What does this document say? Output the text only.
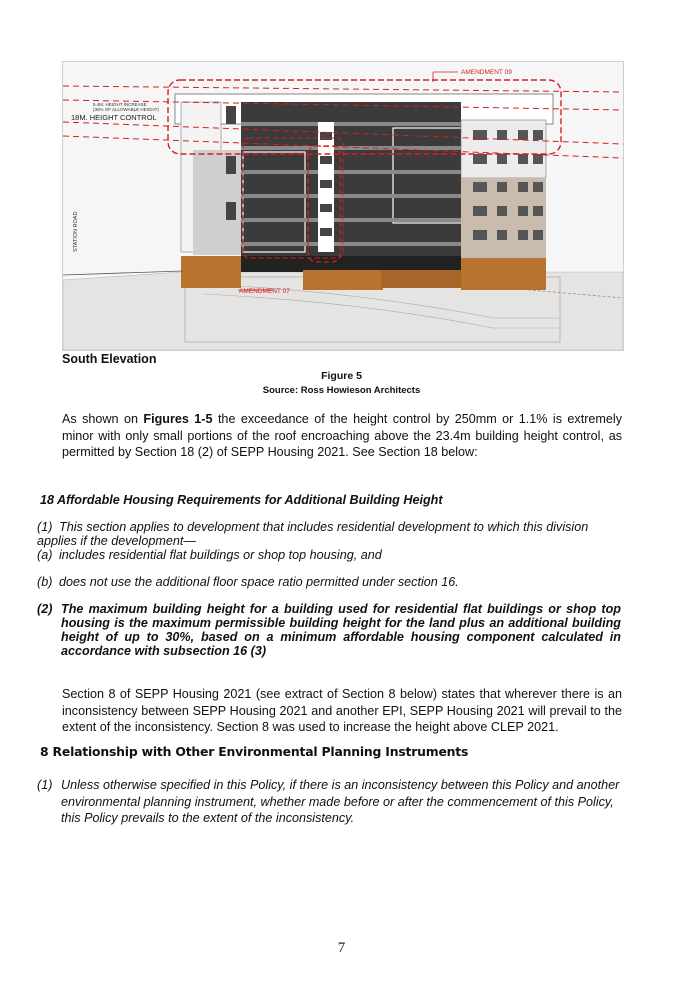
AMENDMENT 09
AMENDMENT 07
5.4M. HEIGHT INCREASE
(30% OF ALLOWABLE HEIGHT)
18M. HEIGHT CONTROL
STATION ROAD
South Elevation
Figure 5
Source: Ross Howieson Architects
As shown on Figures 1-5 the exceedance of the height control by 250mm or 1.1% is extremely minor with only small portions of the roof encroaching above the 23.4m building height control, as permitted by Section 18 (2) of SEPP Housing 2021. See Section 18 below:
18 Affordable Housing Requirements for Additional Building Height
(1) This section applies to development that includes residential development to which this division applies if the development—
(a) includes residential flat buildings or shop top housing, and
(b) does not use the additional floor space ratio permitted under section 16.
(2) The maximum building height for a building used for residential flat buildings or shop top housing is the maximum permissible building height for the land plus an additional building height of up to 30%, based on a minimum affordable housing component calculated in accordance with subsection 16 (3)
Section 8 of SEPP Housing 2021 (see extract of Section 8 below) states that wherever there is an inconsistency between SEPP Housing 2021 and another EPI, SEPP Housing 2021 will prevail to the extent of the inconsistency. Section 8 was used to increase the height above CLEP 2021.
8 Relationship with Other Environmental Planning Instruments
(1) Unless otherwise specified in this Policy, if there is an inconsistency between this Policy and another environmental planning instrument, whether made before or after the commencement of this Policy, this Policy prevails to the extent of the inconsistency.
7
